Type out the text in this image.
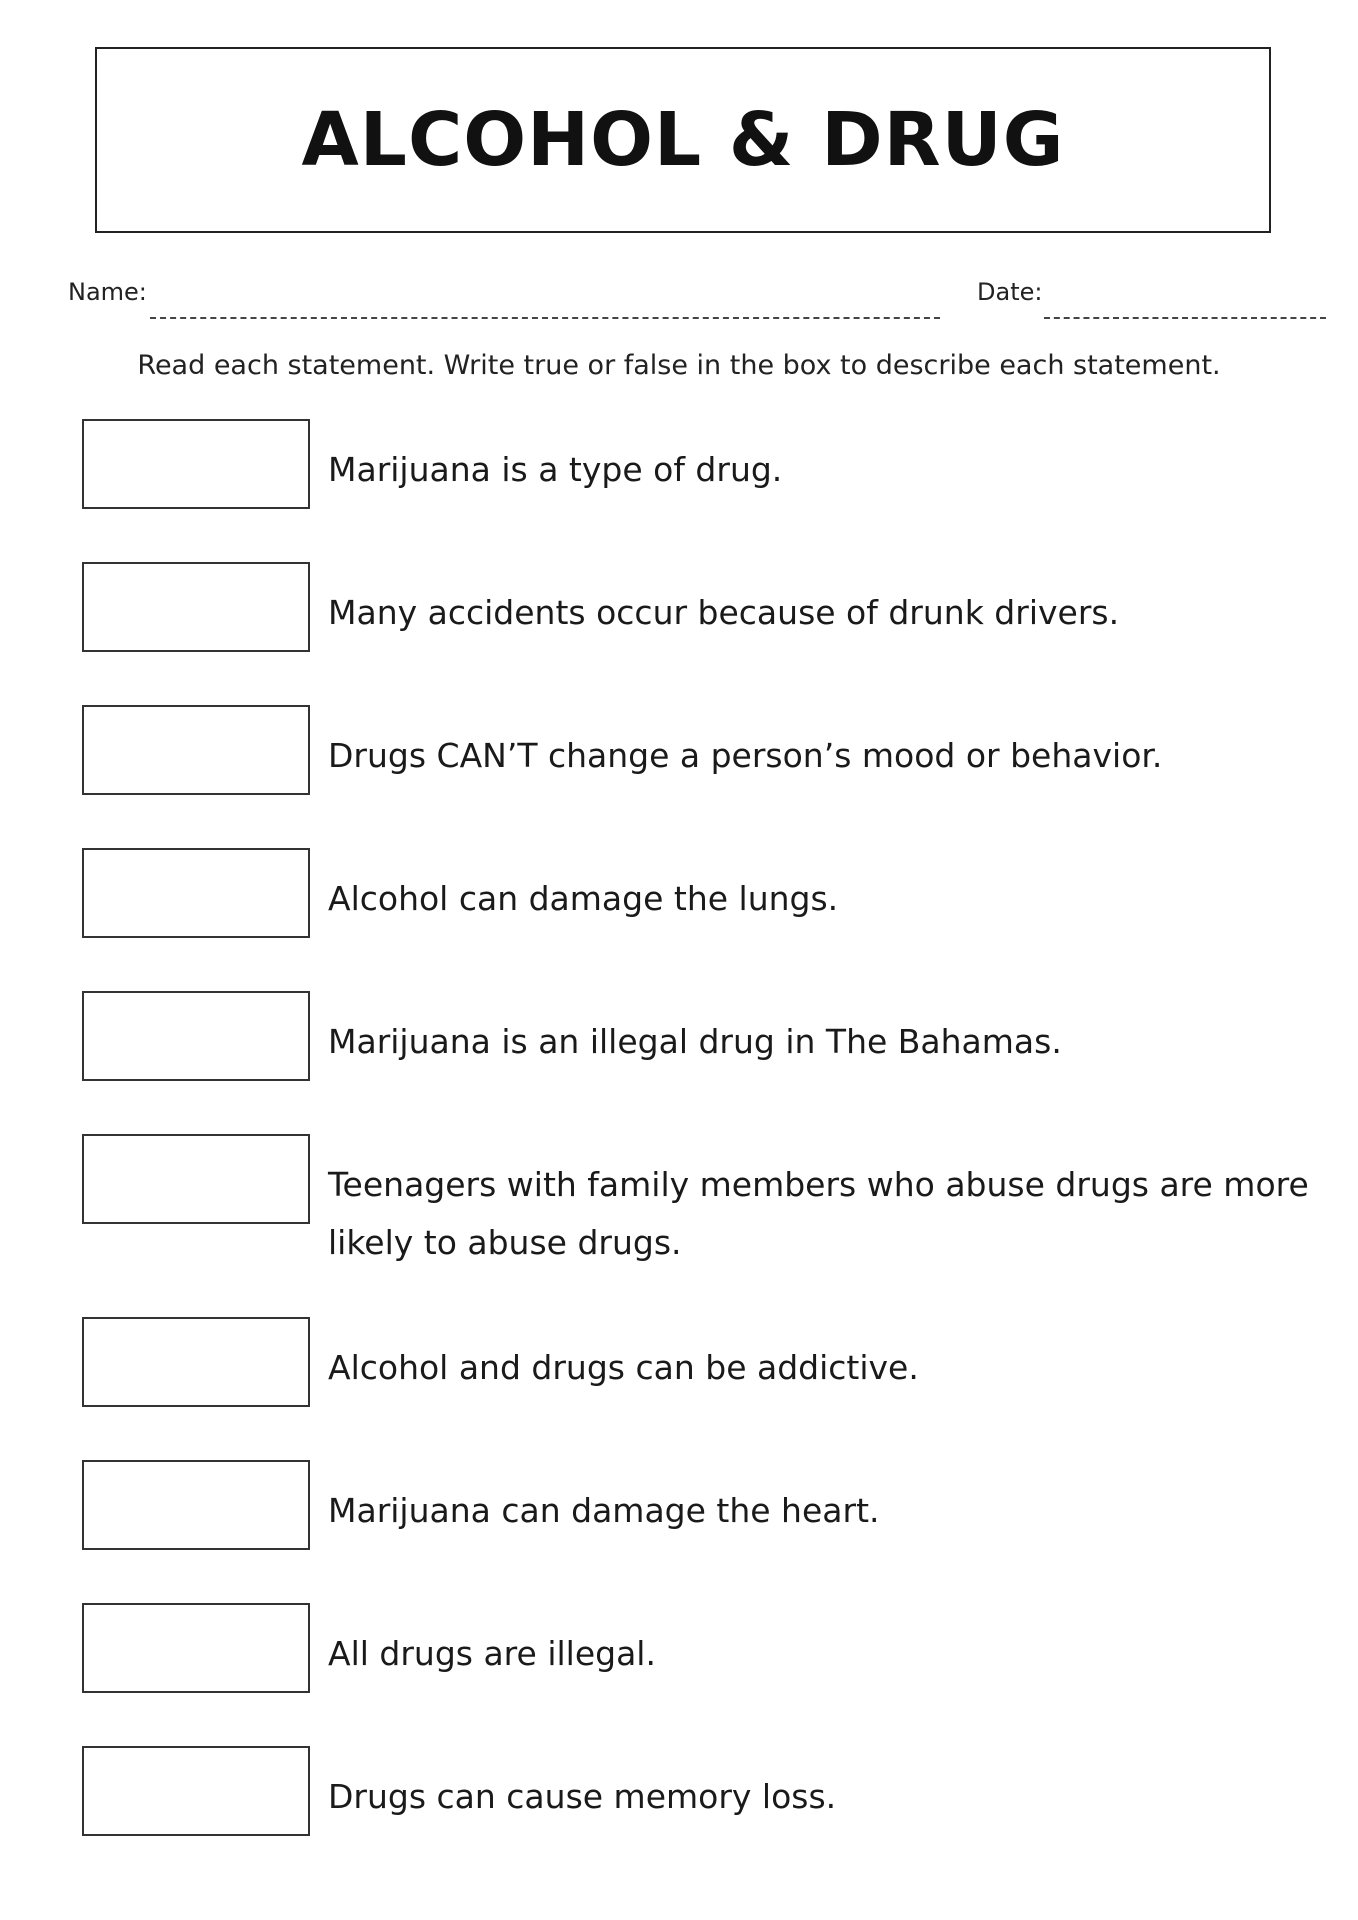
ALCOHOL & DRUG
Name:	Date:
Read each statement. Write true or false in the box to describe each statement.
Marijuana is a type of drug.
Many accidents occur because of drunk drivers.
Drugs CAN’T change a person’s mood or behavior.
Alcohol can damage the lungs.
Marijuana is an illegal drug in The Bahamas.
Teenagers with family members who abuse drugs are more likely to abuse drugs.
Alcohol and drugs can be addictive.
Marijuana can damage the heart.
All drugs are illegal.
Drugs can cause memory loss.
